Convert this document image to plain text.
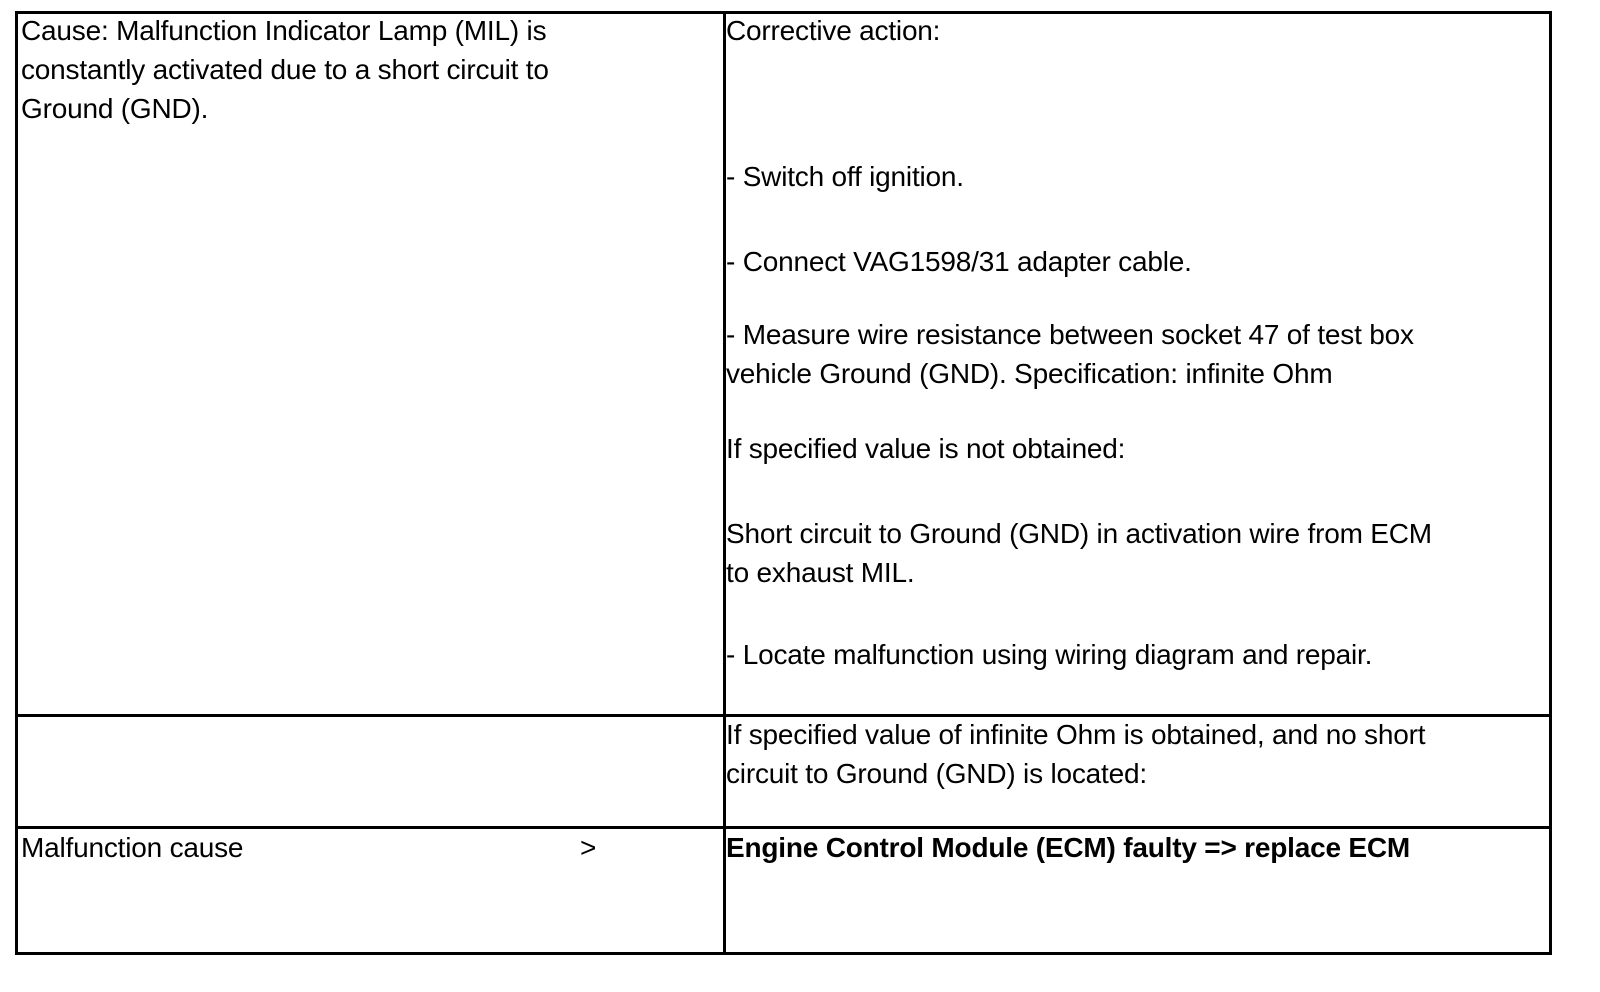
Cause: Malfunction Indicator Lamp (MIL) is
constantly activated due to a short circuit to
Ground (GND).
Malfunction cause	>
Corrective action:
- Switch off ignition.
- Connect VAG1598/31 adapter cable.
- Measure wire resistance between socket 47 of test box
vehicle Ground (GND). Specification: infinite Ohm
If specified value is not obtained:
Short circuit to Ground (GND) in activation wire from ECM
to exhaust MIL.
- Locate malfunction using wiring diagram and repair.
If specified value of infinite Ohm is obtained, and no short
circuit to Ground (GND) is located:
Engine Control Module (ECM) faulty => replace ECM
